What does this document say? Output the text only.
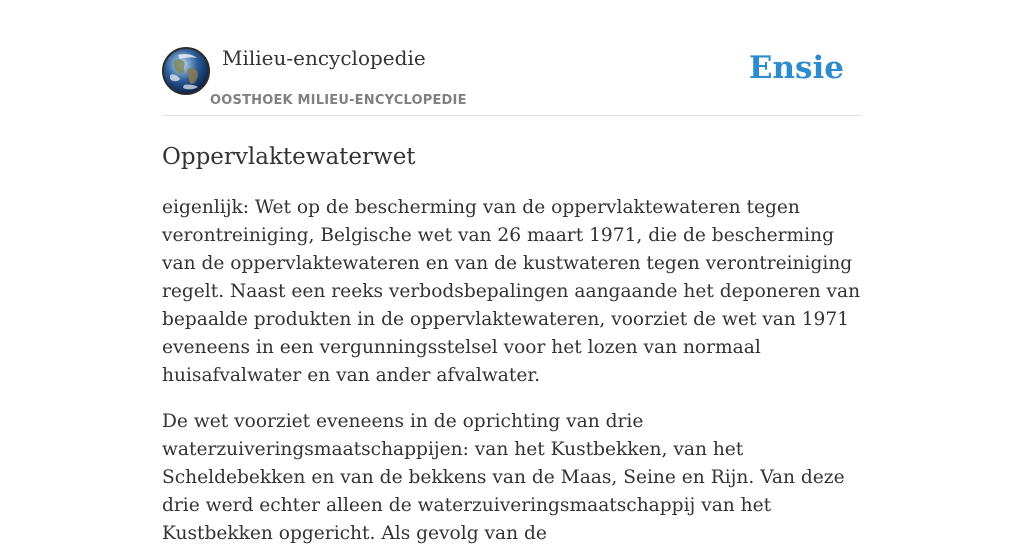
Milieu-encyclopedie
OOSTHOEK MILIEU-ENCYCLOPEDIE
Ensie
Oppervlaktewaterwet

eigenlijk: Wet op de bescherming van de oppervlaktewateren tegen verontreiniging, Belgische wet van 26 maart 1971, die de bescherming van de oppervlaktewateren en van de kustwateren tegen verontreiniging regelt. Naast een reeks verbodsbepalingen aangaande het deponeren van bepaalde produkten in de oppervlaktewateren, voorziet de wet van 1971 eveneens in een vergunningsstelsel voor het lozen van normaal huisafvalwater en van ander afvalwater.

De wet voorziet eveneens in de oprichting van drie waterzuiveringsmaatschappijen: van het Kustbekken, van het Scheldebekken en van de bekkens van de Maas, Seine en Rijn. Van deze drie werd echter alleen de waterzuiveringsmaatschappij van het Kustbekken opgericht. Als gevolg van de
